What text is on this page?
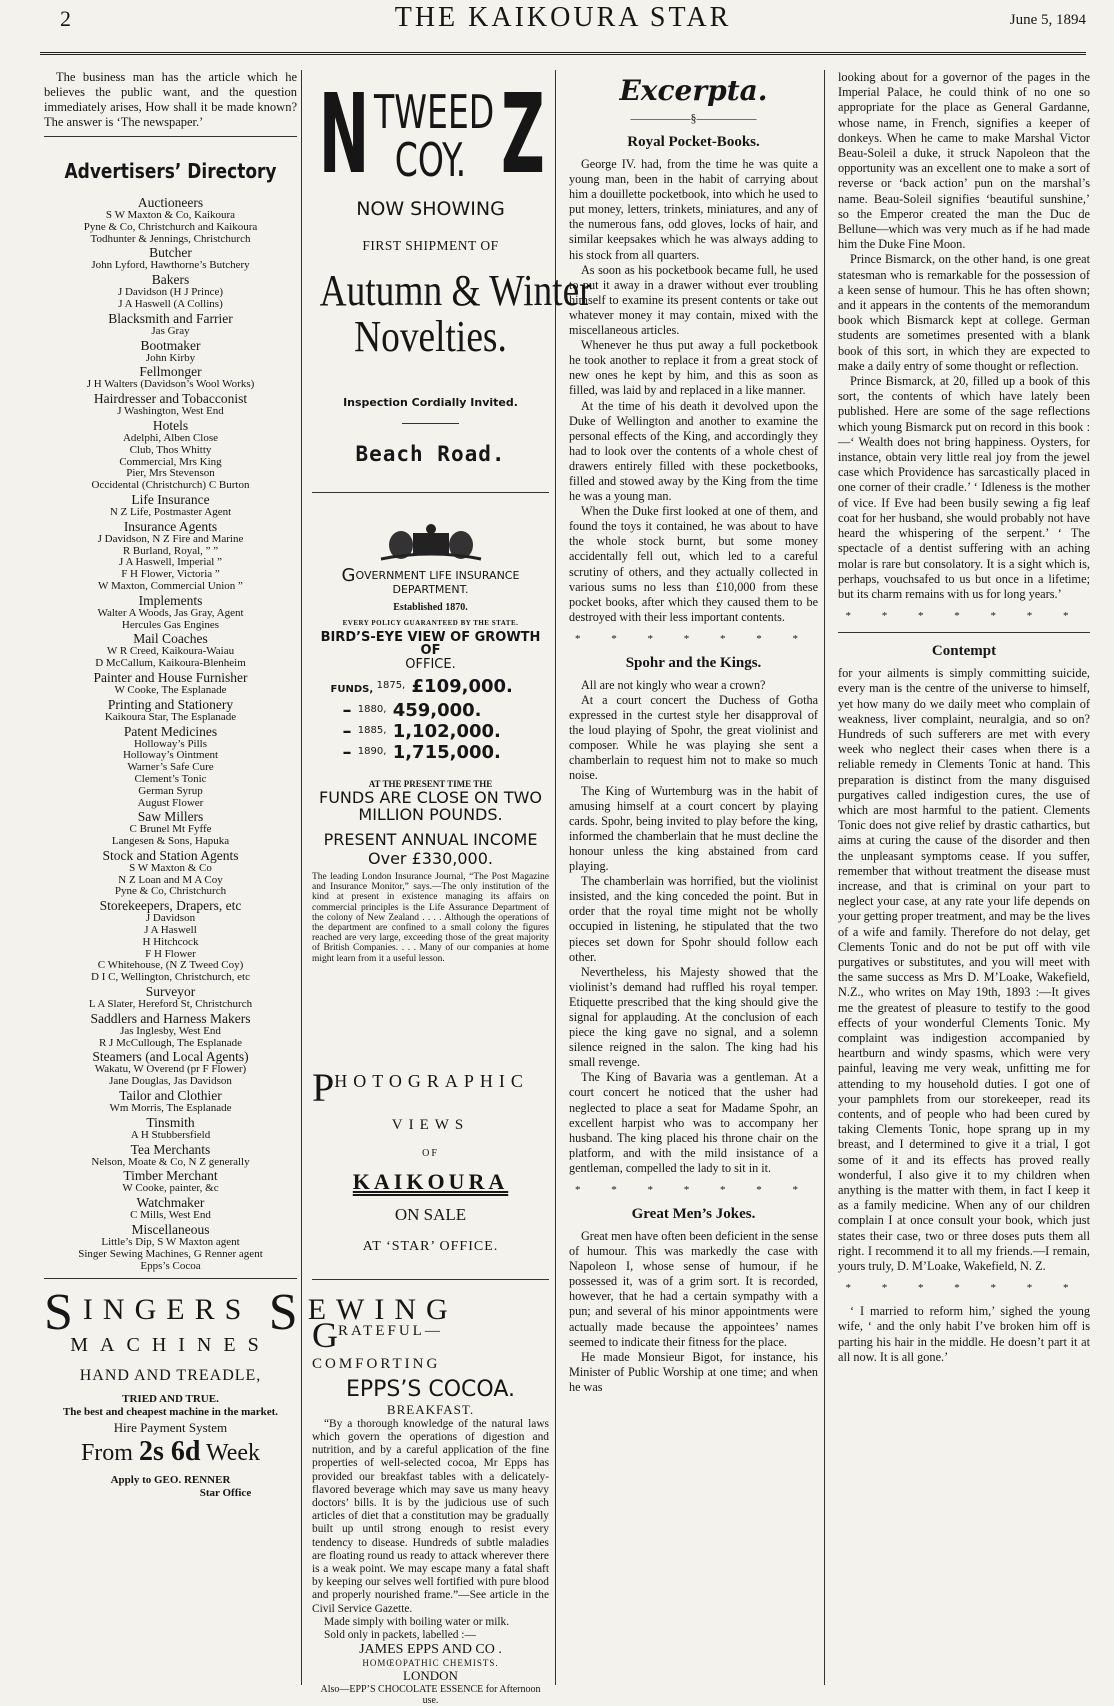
2	THE KAIKOURA STAR	June 5, 1894

The business man has the article which he believes the public want, and the question immediately arises, How shall it be made known? The answer is ‘The newspaper.’

Advertisers’ Directory
Auctioneers
S W Maxton & Co, Kaikoura
Pyne & Co, Christchurch and Kaikoura
Todhunter & Jennings, Christchurch
Butcher
John Lyford, Hawthorne’s Butchery
Bakers
J Davidson (H J Prince)
J A Haswell (A Collins)
Blacksmith and Farrier
Jas Gray
Bootmaker
John Kirby
Fellmonger
J H Walters (Davidson’s Wool Works)
Hairdresser and Tobacconist
J Washington, West End
Hotels
Adelphi, Alben Close
Club, Thos Whitty
Commercial, Mrs King
Pier, Mrs Stevenson
Occidental (Christchurch) C Burton
Life Insurance
N Z Life, Postmaster Agent
Insurance Agents
J Davidson, N Z Fire and Marine
R Burland, Royal, ” ”
J A Haswell, Imperial ”
F H Flower, Victoria ”
W Maxton, Commercial Union ”
Implements
Walter A Woods, Jas Gray, Agent
Hercules Gas Engines
Mail Coaches
W R Creed, Kaikoura-Waiau
D McCallum, Kaikoura-Blenheim
Painter and House Furnisher
W Cooke, The Esplanade
Printing and Stationery
Kaikoura Star, The Esplanade
Patent Medicines
Holloway’s Pills
Holloway’s Ointment
Warner’s Safe Cure
Clement’s Tonic
German Syrup
August Flower
Saw Millers
C Brunel Mt Fyffe
Langesen & Sons, Hapuka
Stock and Station Agents
S W Maxton & Co
N Z Loan and M A Coy
Pyne & Co, Christchurch
Storekeepers, Drapers, etc
J Davidson
J A Haswell
H Hitchcock
F H Flower
C Whitehouse, (N Z Tweed Coy)
D I C, Wellington, Christchurch, etc
Surveyor
L A Slater, Hereford St, Christchurch
Saddlers and Harness Makers
Jas Inglesby, West End
R J McCullough, The Esplanade
Steamers (and Local Agents)
Wakatu, W Overend (pr F Flower)
Jane Douglas, Jas Davidson
Tailor and Clothier
Wm Morris, The Esplanade
Tinsmith
A H Stubbersfield
Tea Merchants
Nelson, Moate & Co, N Z generally
Timber Merchant
W Cooke, painter, &c
Watchmaker
C Mills, West End
Miscellaneous
Little’s Dip, S W Maxton agent
Singer Sewing Machines, G Renner agent
Epps’s Cocoa
SINGERS SEWING
MACHINES
HAND AND TREADLE,
TRIED AND TRUE.
The best and cheapest machine in the market.
Hire Payment System
From 2s 6d Week
Apply to GEO. RENNER
Star Office
N TWEED
COY. Z
NOW SHOWING
FIRST SHIPMENT OF
Autumn & Winter
Novelties.
Inspection Cordially Invited.
Beach Road.
GOVERNMENT LIFE INSURANCE
DEPARTMENT.
Established 1870.
EVERY POLICY GUARANTEED BY THE STATE.
BIRD’S-EYE VIEW OF GROWTH OF
OFFICE.
FUNDS, $^{1875,}$ £109,000.
– $^{1880,}$ 459,000.
– $^{1885,}$ 1,102,000.
– $^{1890,}$ 1,715,000.
AT THE PRESENT TIME THE
FUNDS ARE CLOSE ON TWO MILLION POUNDS.
PRESENT ANNUAL INCOME
Over £330,000.
The leading London Insurance Journal, “The Post Magazine and Insurance Monitor,” says.—The only institution of the kind at present in existence managing its affairs on commercial principles is the Life Assurance Department of the colony of New Zealand . . . . Although the operations of the department are confined to a small colony the figures reached are very large, exceeding those of the great majority of British Companies. . . . Many of our companies at home might learn from it a useful lesson.
PHOTOGRAPHIC
VIEWS
OF
KAIKOURA
ON SALE
AT ‘STAR’ OFFICE.
GRATEFUL—COMFORTING
EPPS’S COCOA.
BREAKFAST.

“By a thorough knowledge of the natural laws which govern the operations of digestion and nutrition, and by a careful application of the fine properties of well-selected cocoa, Mr Epps has provided our breakfast tables with a delicately-flavored beverage which may save us many heavy doctors’ bills. It is by the judicious use of such articles of diet that a constitution may be gradually built up until strong enough to resist every tendency to disease. Hundreds of subtle maladies are floating round us ready to attack wherever there is a weak point. We may escape many a fatal shaft by keeping our selves well fortified with pure blood and properly nourished frame.”—See article in the Civil Service Gazette.

Made simply with boiling water or milk.

Sold only in packets, labelled :—

JAMES EPPS AND CO .
HOMŒOPATHIC CHEMISTS.
LONDON
Also—EPP’S CHOCOLATE ESSENCE for Afternoon use.
Excerpta.
—————§—————
Royal Pocket-Books.

George IV. had, from the time he was quite a young man, been in the habit of carrying about him a douillette pocketbook, into which he used to put money, letters, trinkets, miniatures, and any of the numerous fans, odd gloves, locks of hair, and similar keepsakes which he was always adding to his stock from all quarters.

As soon as his pocketbook became full, he used to put it away in a drawer without ever troubling himself to examine its present contents or take out whatever money it may contain, mixed with the miscellaneous articles.

Whenever he thus put away a full pocketbook he took another to replace it from a great stock of new ones he kept by him, and this as soon as filled, was laid by and replaced in a like manner.

At the time of his death it devolved upon the Duke of Wellington and another to examine the personal effects of the King, and accordingly they had to look over the contents of a whole chest of drawers entirely filled with these pocketbooks, filled and stowed away by the King from the time he was a young man.

When the Duke first looked at one of them, and found the toys it contained, he was about to have the whole stock burnt, but some money accidentally fell out, which led to a careful scrutiny of others, and they actually collected in various sums no less than £10,000 from these pocket books, after which they caused them to be destroyed with their less important contents.

* * * * * * *
Spohr and the Kings.

All are not kingly who wear a crown?

At a court concert the Duchess of Gotha expressed in the curtest style her disapproval of the loud playing of Spohr, the great violinist and composer. While he was playing she sent a chamberlain to request him not to make so much noise.

The King of Wurtemburg was in the habit of amusing himself at a court concert by playing cards. Spohr, being invited to play before the king, informed the chamberlain that he must decline the honour unless the king abstained from card playing.

The chamberlain was horrified, but the violinist insisted, and the king conceded the point. But in order that the royal time might not be wholly occupied in listening, he stipulated that the two pieces set down for Spohr should follow each other.

Nevertheless, his Majesty showed that the violinist’s demand had ruffled his royal temper. Etiquette prescribed that the king should give the signal for applauding. At the conclusion of each piece the king gave no signal, and a solemn silence reigned in the salon. The king had his small revenge.

The King of Bavaria was a gentleman. At a court concert he noticed that the usher had neglected to place a seat for Madame Spohr, an excellent harpist who was to accompany her husband. The king placed his throne chair on the platform, and with the mild insistance of a gentleman, compelled the lady to sit in it.

* * * * * * *
Great Men’s Jokes.

Great men have often been deficient in the sense of humour. This was markedly the case with Napoleon I, whose sense of humour, if he possessed it, was of a grim sort. It is recorded, however, that he had a certain sympathy with a pun; and several of his minor appointments were actually made because the appointees’ names seemed to indicate their fitness for the place.

He made Monsieur Bigot, for instance, his Minister of Public Worship at one time; and when he was

looking about for a governor of the pages in the Imperial Palace, he could think of no one so appropriate for the place as General Gardanne, whose name, in French, signifies a keeper of donkeys. When he came to make Marshal Victor Beau-Soleil a duke, it struck Napoleon that the opportunity was an excellent one to make a sort of reverse or ‘back action’ pun on the marshal’s name. Beau-Soleil signifies ‘beautiful sunshine,’ so the Emperor created the man the Duc de Bellune—which was very much as if he had made him the Duke Fine Moon.

Prince Bismarck, on the other hand, is one great statesman who is remarkable for the possession of a keen sense of humour. This he has often shown; and it appears in the contents of the memorandum book which Bismarck kept at college. German students are sometimes presented with a blank book of this sort, in which they are expected to make a daily entry of some thought or reflection.

Prince Bismarck, at 20, filled up a book of this sort, the contents of which have lately been published. Here are some of the sage reflections which young Bismarck put on record in this book :—‘ Wealth does not bring happiness. Oysters, for instance, obtain very little real joy from the jewel case which Providence has sarcastically placed in one corner of their cradle.’ ‘ Idleness is the mother of vice. If Eve had been busily sewing a fig leaf coat for her husband, she would probably not have heard the whispering of the serpent.’ ‘ The spectacle of a dentist suffering with an aching molar is rare but consolatory. It is a sight which is, perhaps, vouchsafed to us but once in a lifetime; but its charm remains with us for long years.’

* * * * * * *
Contempt

for your ailments is simply committing suicide, every man is the centre of the universe to himself, yet how many do we daily meet who complain of weakness, liver complaint, neuralgia, and so on? Hundreds of such sufferers are met with every week who neglect their cases when there is a reliable remedy in Clements Tonic at hand. This preparation is distinct from the many disguised purgatives called indigestion cures, the use of which are most harmful to the patient. Clements Tonic does not give relief by drastic cathartics, but aims at curing the cause of the disorder and then the unpleasant symptoms cease. If you suffer, remember that without treatment the disease must increase, and that is criminal on your part to neglect your case, at any rate your life depends on your getting proper treatment, and may be the lives of a wife and family. Therefore do not delay, get Clements Tonic and do not be put off with vile purgatives or substitutes, and you will meet with the same success as Mrs D. M’Loake, Wakefield, N.Z., who writes on May 19th, 1893 :—It gives me the greatest of pleasure to testify to the good effects of your wonderful Clements Tonic. My complaint was indigestion accompanied by heartburn and windy spasms, which were very painful, leaving me very weak, unfitting me for attending to my household duties. I got one of your pamphlets from our storekeeper, read its contents, and of people who had been cured by taking Clements Tonic, hope sprang up in my breast, and I determined to give it a trial, I got some of it and its effects has proved really wonderful, I also give it to my children when anything is the matter with them, in fact I keep it as a family medicine. When any of our children complain I at once consult your book, which just states their case, two or three doses puts them all right. I recommend it to all my friends.—I remain, yours truly, D. M’Loake, Wakefield, N. Z.

* * * * * * *

‘ I married to reform him,’ sighed the young wife, ‘ and the only habit I’ve broken him off is parting his hair in the middle. He doesn’t part it at all now. It is all gone.’
